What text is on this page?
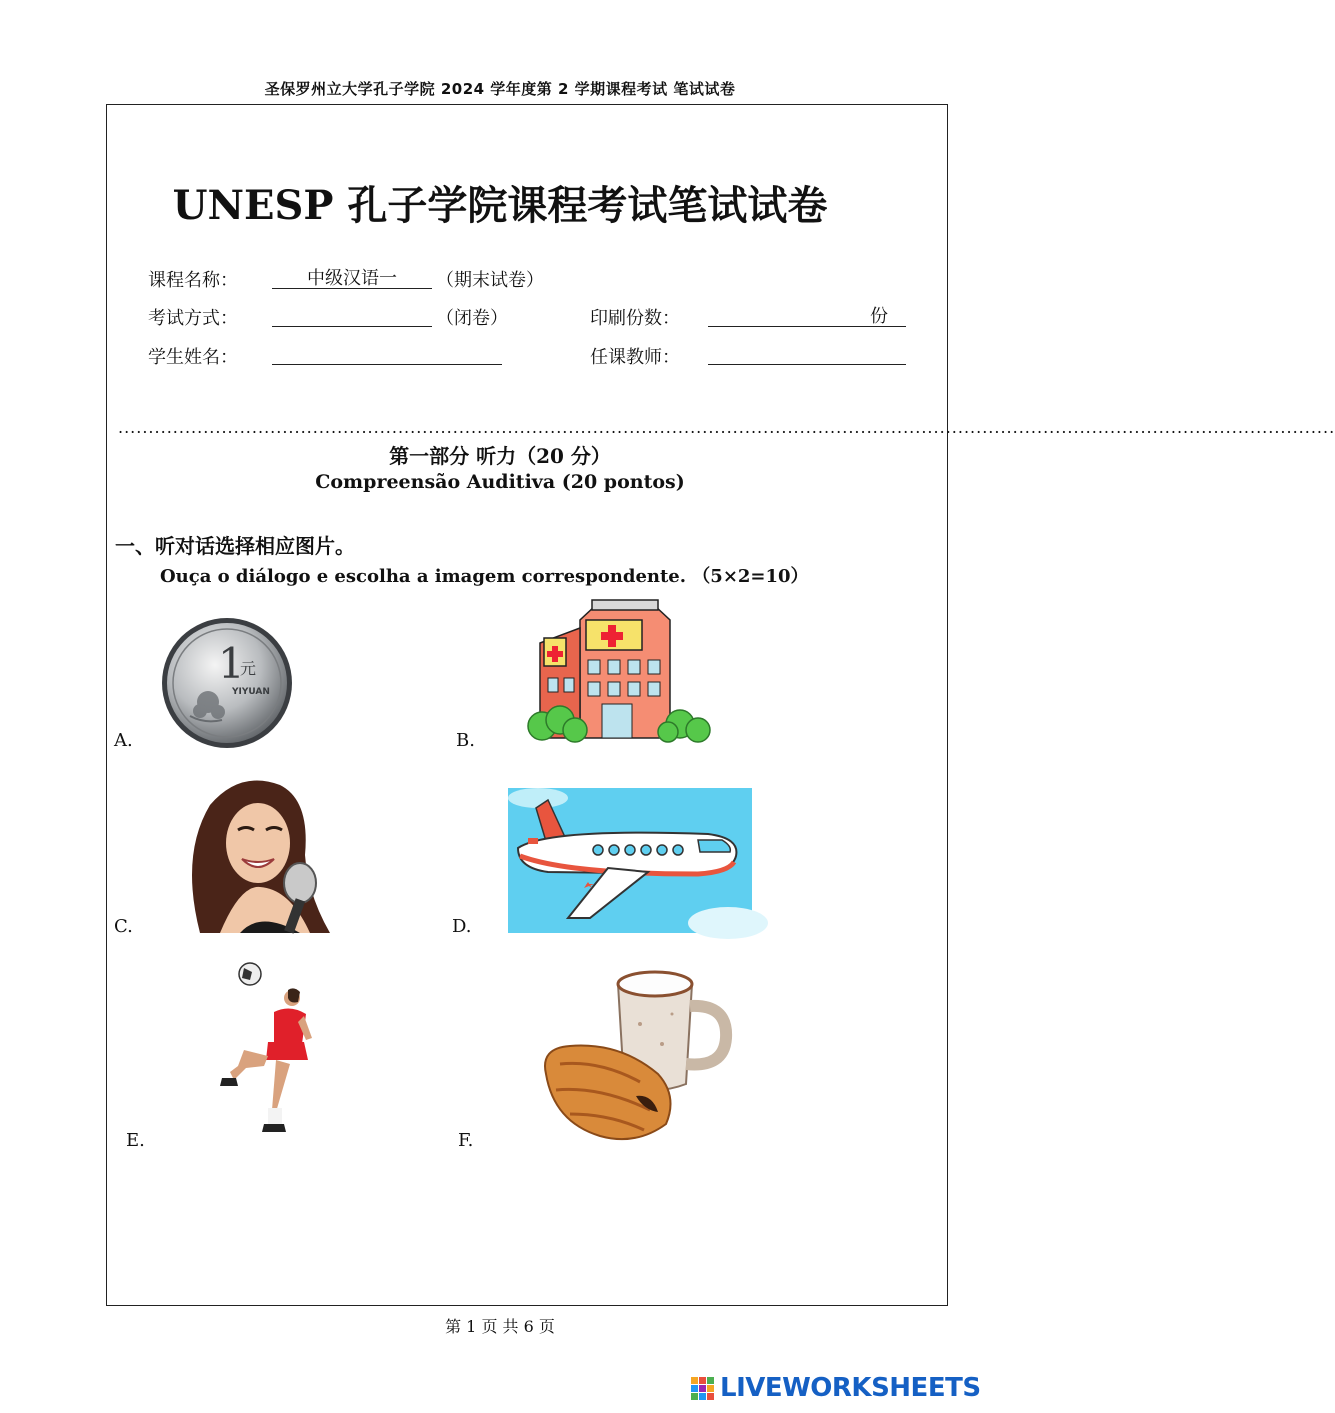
圣保罗州立大学孔子学院 2024 学年度第 2 学期课程考试 笔试试卷
UNESP 孔子学院课程考试笔试试卷
课程名称：	中级汉语一	（期末试卷）
考试方式：	（闭卷）	印刷份数：	份
学生姓名：	任课教师：
........................................................................................................................................................................................................
第一部分 听力（20 分）
Compreensão Auditiva (20 pontos)
一、听对话选择相应图片。
Ouça o diálogo e escolha a imagem correspondente. （5×2=10）
A.
1
元
YIYUAN
B.
C.	D.
E.	F.
第 1 页 共 6 页
LIVEWORKSHEETS
